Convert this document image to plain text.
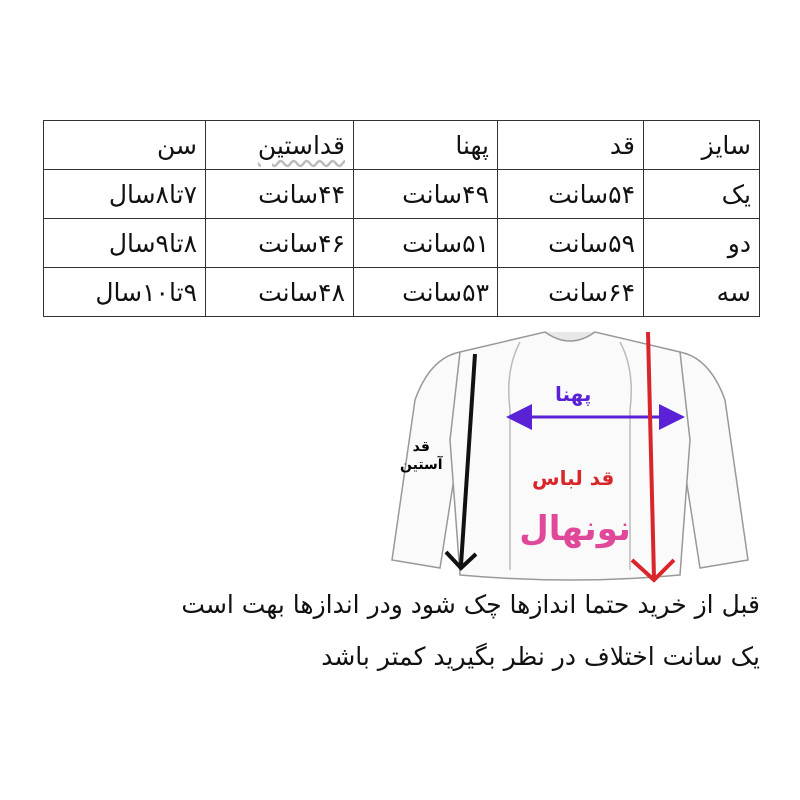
سایز	قد	پهنا	قداستین	سن
یک	۵۴سانت	۴۹سانت	۴۴سانت	۷تا۸سال
دو	۵۹سانت	۵۱سانت	۴۶سانت	۸تا۹سال
سه	۶۴سانت	۵۳سانت	۴۸سانت	۹تا۱۰سال
نونهال
قد
آستین
پهنا
قد لباس
قبل از خرید حتما اندازها چک شود ودر اندازها بهت است
یک سانت اختلاف در نظر بگیرید کمتر باشد
